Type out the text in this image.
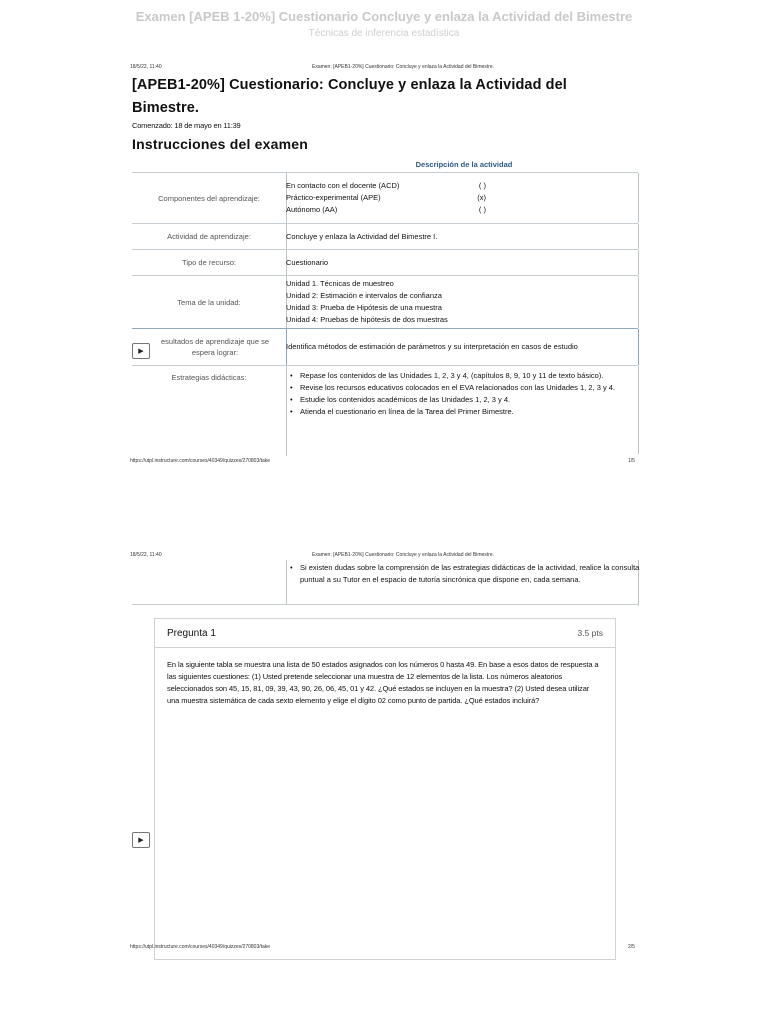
Examen [APEB 1-20%] Cuestionario Concluye y enlaza la Actividad del Bimestre
Técnicas de inferencia estadística
18/5/22, 11:40	Examen: [APEB1-20%] Cuestionario: Concluye y enlaza la Actividad del Bimestre.
[APEB1-20%] Cuestionario: Concluye y enlaza la Actividad del Bimestre.
Comenzado: 18 de mayo en 11:39
Instrucciones del examen
Descripción de la actividad
Componentes del aprendizaje:
En contacto con el docente (ACD)	( )
Práctico-experimental (APE)	(x)
Autónomo (AA)	( )
Actividad de aprendizaje:	Concluye y enlaza la Actividad del Bimestre I.
Tipo de recurso:	Cuestionario
Tema de la unidad:
Unidad 1. Técnicas de muestreo
Unidad 2: Estimación e intervalos de confianza
Unidad 3: Prueba de Hipótesis de una muestra
Unidad 4: Pruebas de hipótesis de dos muestras
esultados de aprendizaje que se espera lograr:
Identifica métodos de estimación de parámetros y su interpretación en casos de estudio
Estrategias didácticas:
•	Repase los contenidos de las Unidades 1, 2, 3 y 4, (capítulos 8, 9, 10 y 11 de texto básico).
• Revise los recursos educativos colocados en el EVA relacionados con las Unidades 1, 2, 3 y 4.
• Estudie los contenidos académicos de las Unidades 1, 2, 3 y 4.
• Atienda el cuestionario en línea de la Tarea del Primer Bimestre.
▶
https://utpl.instructure.com/courses/40349/quizzes/270803/take	1/5
18/5/22, 11:40	Examen: [APEB1-20%] Cuestionario: Concluye y enlaza la Actividad del Bimestre.
• Si existen dudas sobre la comprensión de las estrategias didácticas de la actividad, realice la consulta puntual a su Tutor en el espacio de tutoría sincrónica que dispone en, cada semana.
Pregunta 1	3.5 pts
En la siguiente tabla se muestra una lista de 50 estados asignados con los números 0 hasta 49. En base a esos datos de respuesta a las siguientes cuestiones: (1) Usted pretende seleccionar una muestra de 12 elementos de la lista. Los números aleatorios seleccionados son 45, 15, 81, 09, 39, 43, 90, 26, 06, 45, 01 y 42. ¿Qué estados se incluyen en la muestra? (2) Usted desea utilizar una muestra sistemática de cada sexto elemento y elige el dígito 02 como punto de partida. ¿Qué estados incluirá?
▶
https://utpl.instructure.com/courses/40349/quizzes/270803/take	2/5
